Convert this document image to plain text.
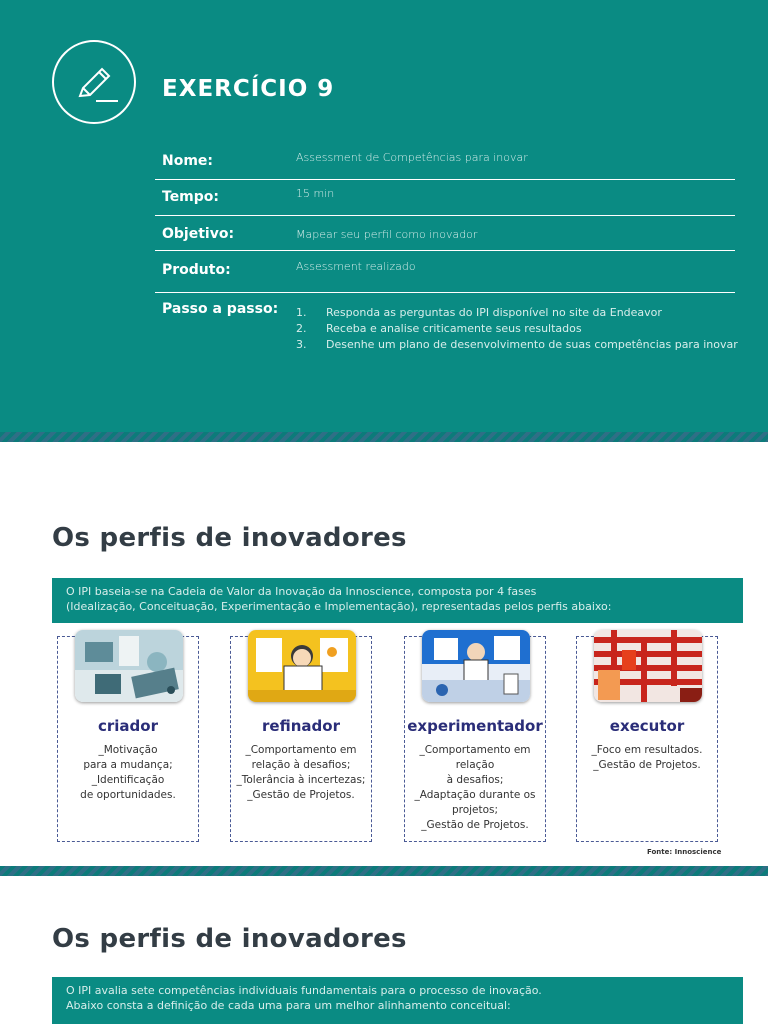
EXERCÍCIO 9
Nome:	Assessment de Competências para inovar
Tempo:	15 min
Objetivo:	Mapear seu perfil como inovador
Produto:	Assessment realizado
Passo a passo: 1.	Responda as perguntas do IPI disponível no site da Endeavor
2.	Receba e analise criticamente seus resultados
3.	Desenhe um plano de desenvolvimento de suas competências para inovar
Os perfis de inovadores
O IPI baseia-se na Cadeia de Valor da Inovação da Innoscience, composta por 4 fases
(Idealização, Conceituação, Experimentação e Implementação), representadas pelos perfis abaixo:
criador
_Motivação
para a mudança;
_Identificação
de oportunidades.
refinador
_Comportamento em
relação à desafios;
_Tolerância à incertezas;
_Gestão de Projetos.
experimentador
_Comportamento em relação
à desafios;
_Adaptação durante os
projetos;
_Gestão de Projetos.
executor
_Foco em resultados.
_Gestão de Projetos.
Fonte: Innoscience
Os perfis de inovadores
O IPI avalia sete competências individuais fundamentais para o processo de inovação.
Abaixo consta a definição de cada uma para um melhor alinhamento conceitual:
